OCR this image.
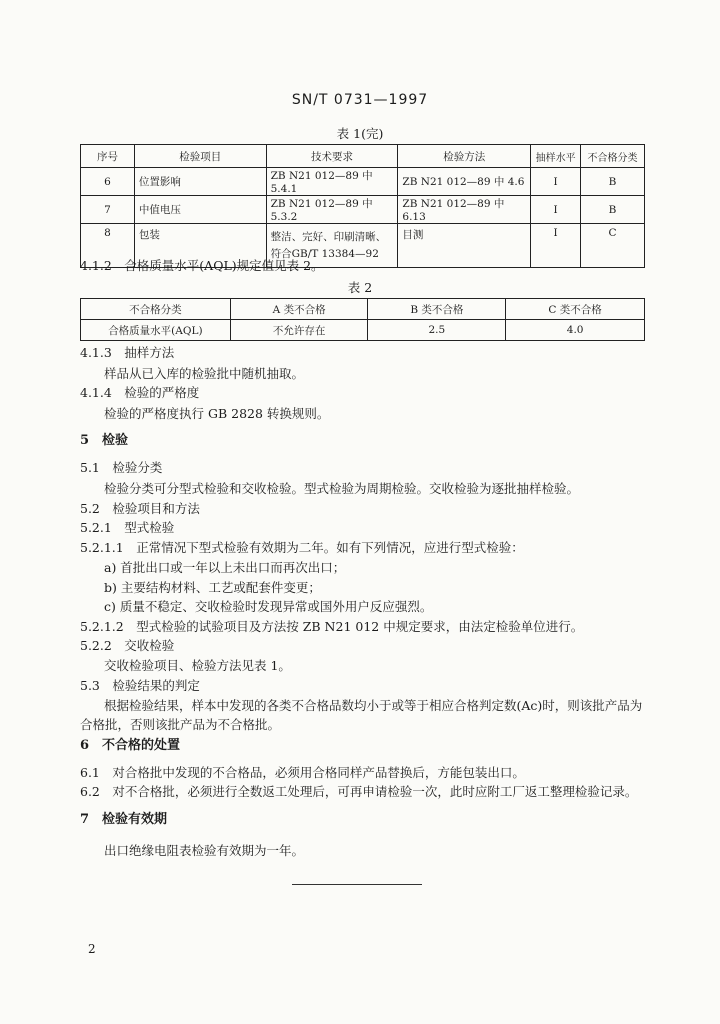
SN/T 0731—1997
表 1(完)
序号	检验项目	技术要求	检验方法	抽样水平	不合格分类
6	位置影响	ZB N21 012—89 中 5.4.1	ZB N21 012—89 中 4.6	I	B
7	中值电压	ZB N21 012—89 中 5.3.2	ZB N21 012—89 中 6.13	I	B
8	包装	整洁、完好、印刷清晰、符合GB/T 13384—92	目测	I	C
4.1.2　合格质量水平(AQL)规定值见表 2。
表 2
不合格分类	A 类不合格	B 类不合格	C 类不合格
合格质量水平(AQL)	不允许存在	2.5	4.0
4.1.3　抽样方法
样品从已入库的检验批中随机抽取。
4.1.4　检验的严格度
检验的严格度执行 GB 2828 转换规则。
5　检验
5.1　检验分类
检验分类可分型式检验和交收检验。型式检验为周期检验。交收检验为逐批抽样检验。
5.2　检验项目和方法
5.2.1　型式检验
5.2.1.1　正常情况下型式检验有效期为二年。如有下列情况，应进行型式检验：
a) 首批出口或一年以上未出口而再次出口；
b) 主要结构材料、工艺或配套件变更；
c) 质量不稳定、交收检验时发现异常或国外用户反应强烈。
5.2.1.2　型式检验的试验项目及方法按 ZB N21 012 中规定要求，由法定检验单位进行。
5.2.2　交收检验
交收检验项目、检验方法见表 1。
5.3　检验结果的判定
根据检验结果，样本中发现的各类不合格品数均小于或等于相应合格判定数(Ac)时，则该批产品为
合格批，否则该批产品为不合格批。
6　不合格的处置
6.1　对合格批中发现的不合格品，必须用合格同样产品替换后，方能包装出口。
6.2　对不合格批，必须进行全数返工处理后，可再申请检验一次，此时应附工厂返工整理检验记录。
7　检验有效期
出口绝缘电阻表检验有效期为一年。
2
